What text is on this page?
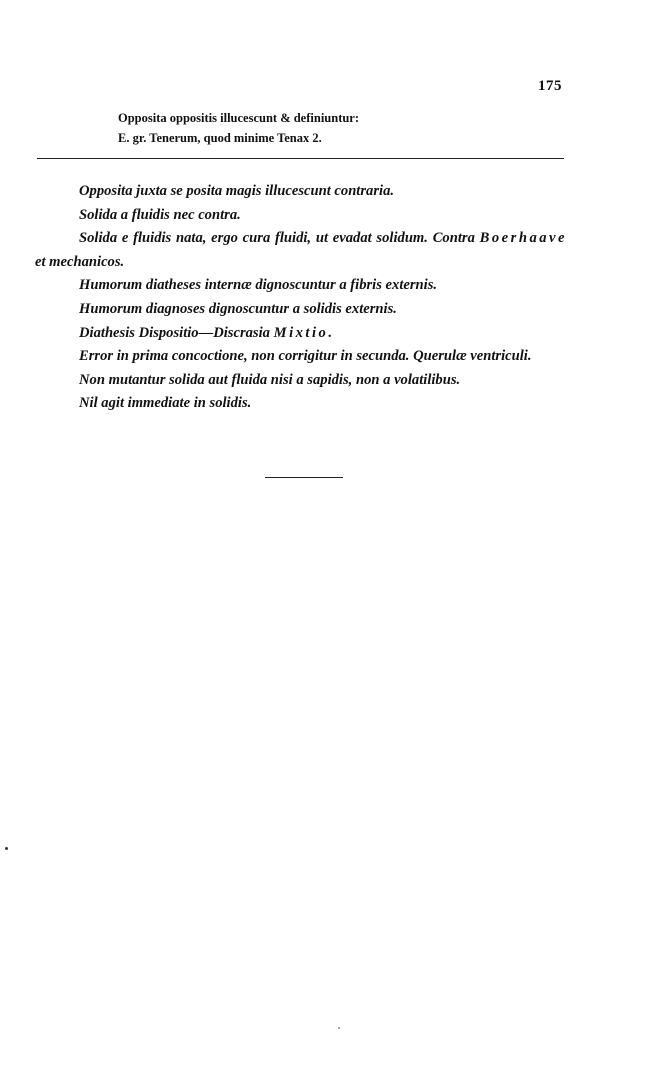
175
Opposita oppositis illucescunt & definiuntur:
E. gr. Tenerum, quod minime Tenax 2.

Opposita juxta se posita magis illucescunt contraria.

Solida a fluidis nec contra.

Solida e fluidis nata, ergo cura fluidi, ut evadat solidum. Contra Boerhaave et mechanicos.

Humorum diatheses internæ dignoscuntur a fibris externis.

Humorum diagnoses dignoscuntur a solidis externis.

Diathesis Dispositio—Discrasia Mixtio.

Error in prima concoctione, non corrigitur in secunda. Querulæ ventriculi.

Non mutantur solida aut fluida nisi a sapidis, non a volatilibus.

Nil agit immediate in solidis.
